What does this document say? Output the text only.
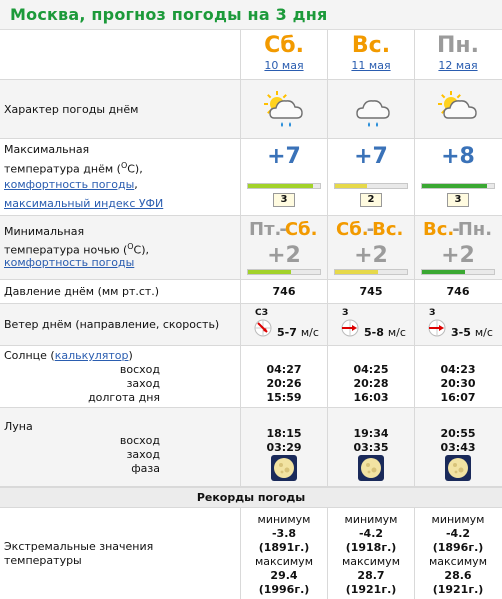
Москва, прогноз погоды на 3 дня
Сб.
10 мая
Вс.
11 мая
Пн.
12 мая
Характер погоды днём
Максимальная
температура днём ($^O$C),
комфортность погоды,
максимальный индекс УФИ
Минимальная
температура ночью ($^O$C),
комфортность погоды
Давление днём (мм рт.ст.)
Ветер днём (направление, скорость)
Солнце (калькулятор)
восход
заход
долгота дня
Луна
восход
заход
фаза
Рекорды погоды
Экстремальные значения
температуры
+7
3
Пт.-Сб.
+2
746
СЗ
5-7 м/с
04:27
20:26
15:59
18:15
03:29
+7
2
Сб.-Вс.
+2
745
З
5-8 м/с
04:25
20:28
16:03
19:34
03:35
+8
3
Вс.-Пн.
+2
746
З
3-5 м/с
04:23
20:30
16:07
20:55
03:43
минимум
-3.8
(1891г.)
максимум
29.4
(1996г.)
минимум
-4.2
(1918г.)
максимум
28.7
(1921г.)
минимум
-4.2
(1896г.)
максимум
28.6
(1921г.)
